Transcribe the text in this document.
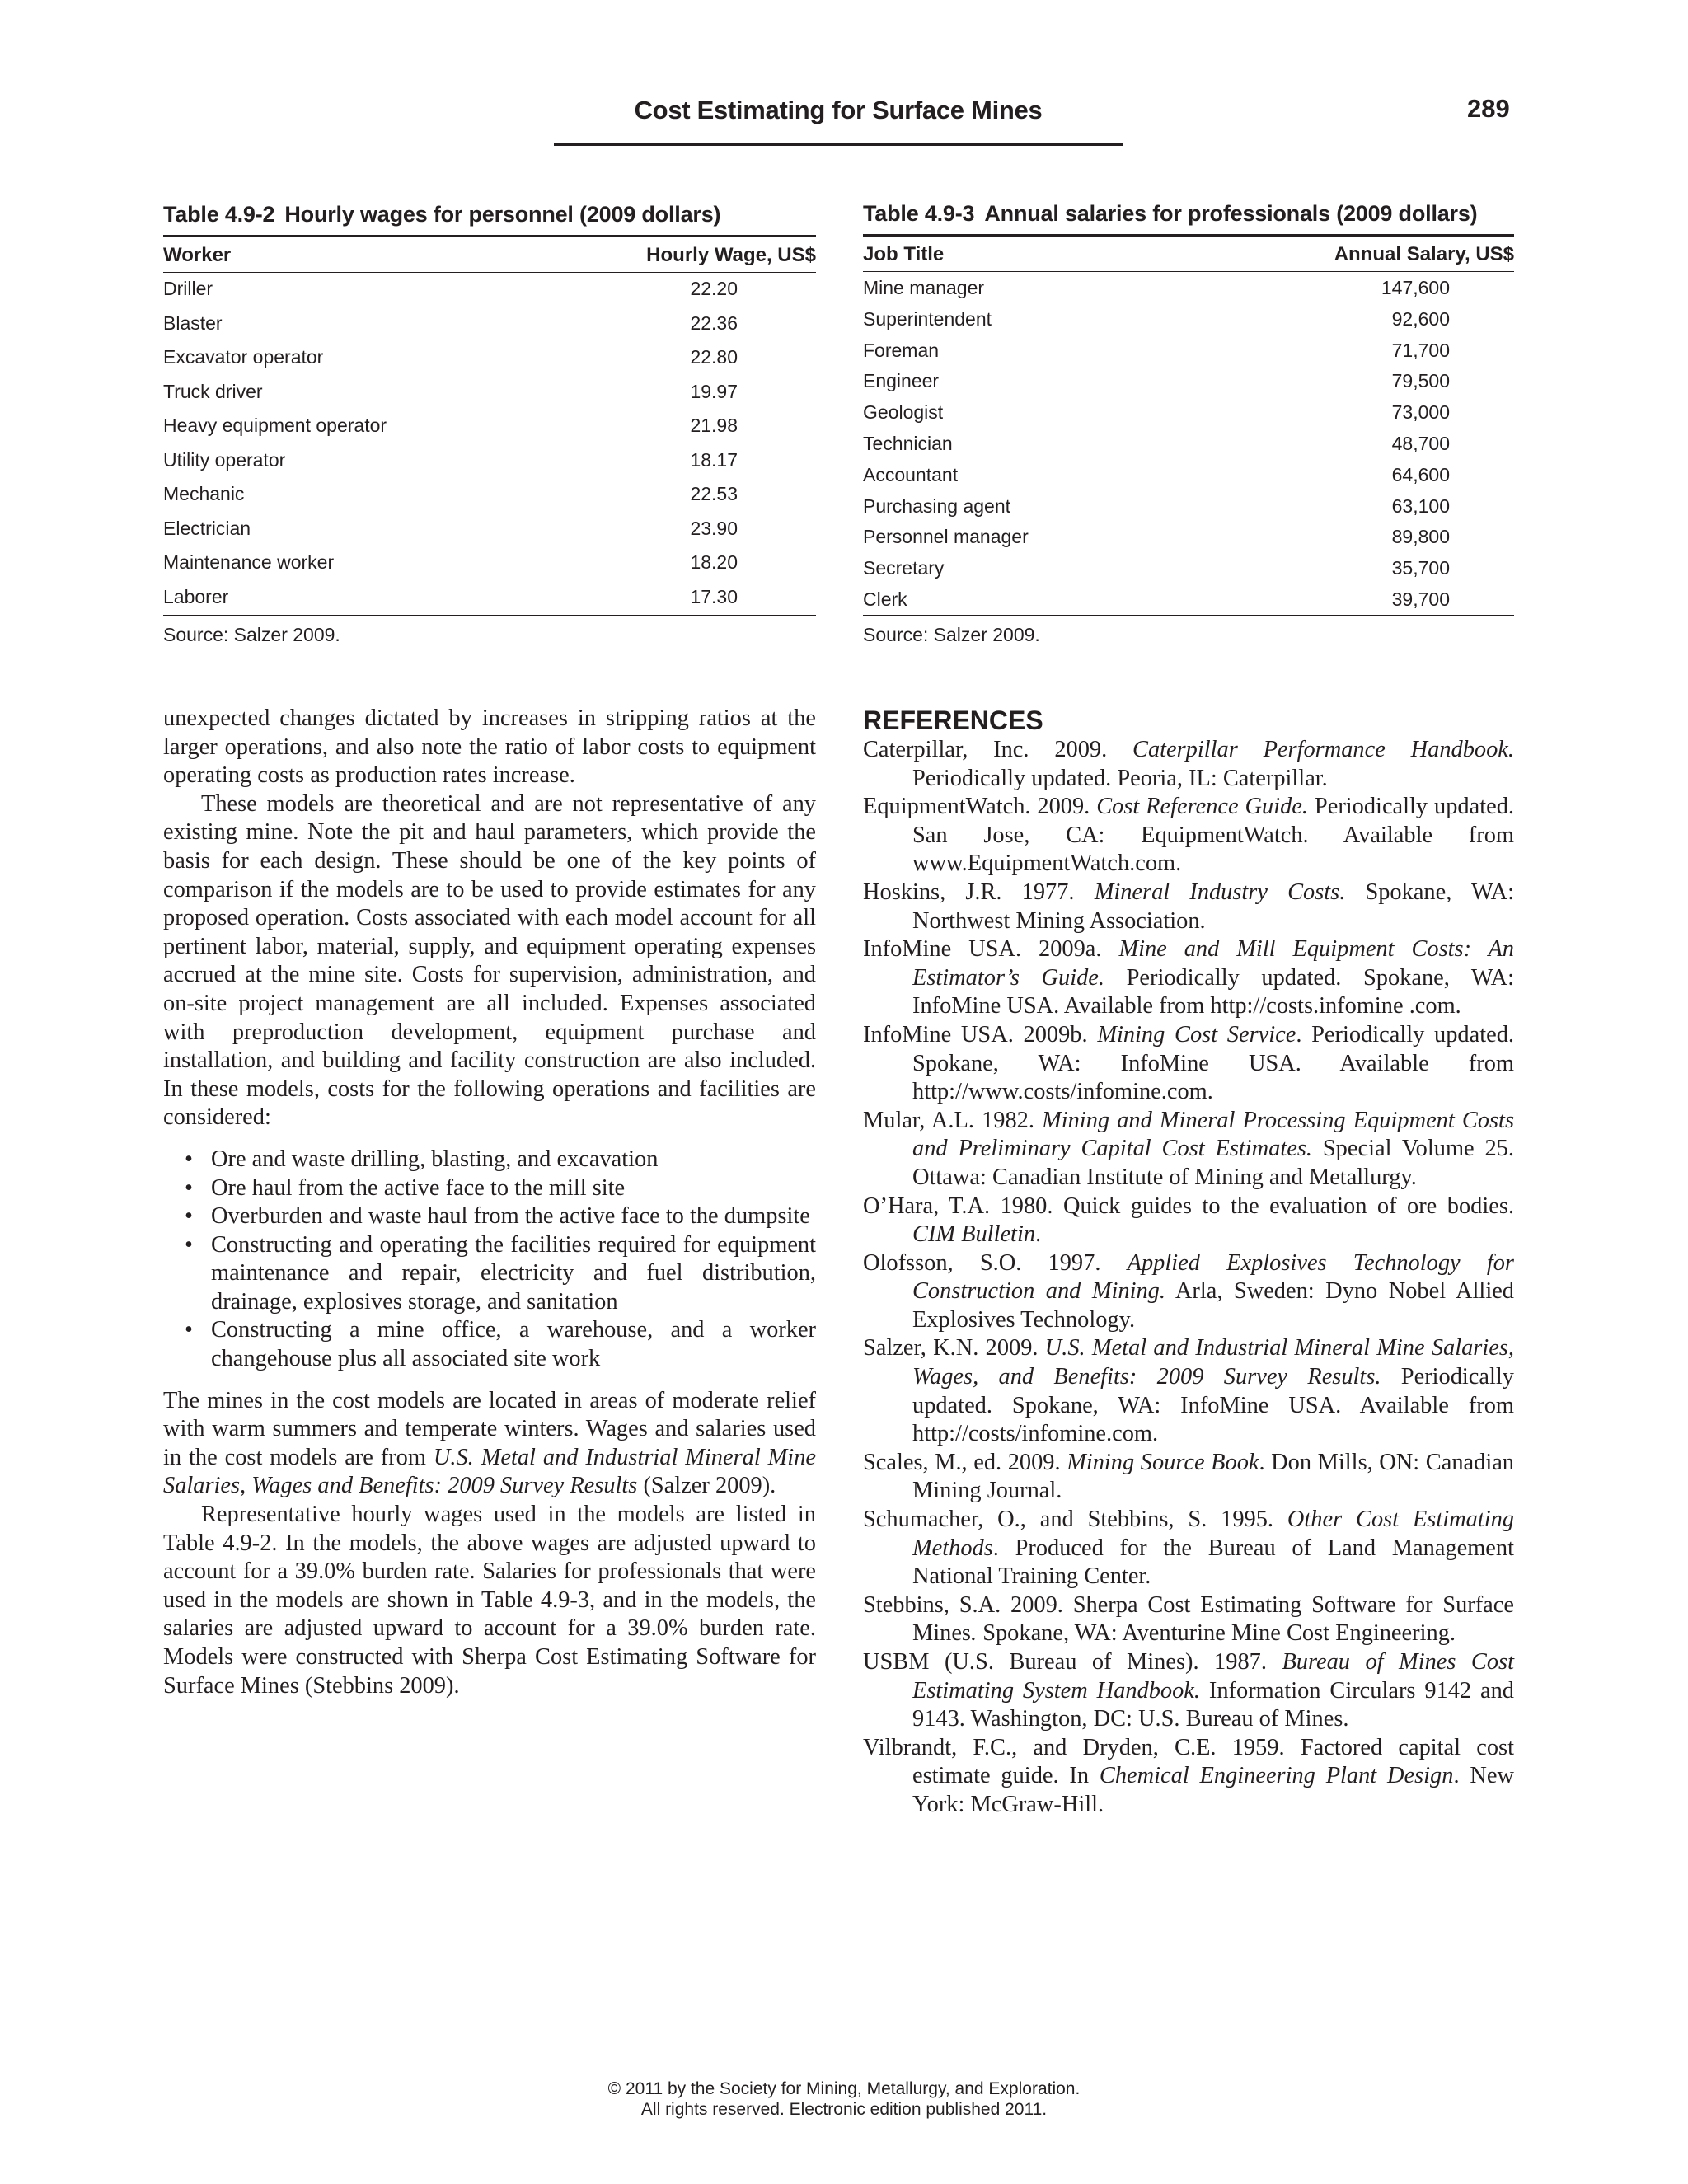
Cost Estimating for Surface Mines	289
Table 4.9-2 Hourly wages for personnel (2009 dollars)
Worker	Hourly Wage, US$
Driller	22.20
Blaster	22.36
Excavator operator	22.80
Truck driver	19.97
Heavy equipment operator	21.98
Utility operator	18.17
Mechanic	22.53
Electrician	23.90
Maintenance worker	18.20
Laborer	17.30
Source: Salzer 2009.
Table 4.9-3 Annual salaries for professionals (2009 dollars)
Job Title	Annual Salary, US$
Mine manager	147,600
Superintendent	92,600
Foreman	71,700
Engineer	79,500
Geologist	73,000
Technician	48,700
Accountant	64,600
Purchasing agent	63,100
Personnel manager	89,800
Secretary	35,700
Clerk	39,700
Source: Salzer 2009.

unexpected changes dictated by increases in stripping ratios at the larger operations, and also note the ratio of labor costs to equipment operating costs as production rates increase.

These models are theoretical and are not representative of any existing mine. Note the pit and haul parameters, which provide the basis for each design. These should be one of the key points of comparison if the models are to be used to provide estimates for any proposed operation. Costs associated with each model account for all pertinent labor, material, supply, and equipment operating expenses accrued at the mine site. Costs for supervision, administration, and on-site project management are all included. Expenses associated with preproduction development, equipment purchase and installation, and building and facility construction are also included. In these models, costs for the following operations and facilities are considered:

• Ore and waste drilling, blasting, and excavation
• Ore haul from the active face to the mill site
• Overburden and waste haul from the active face to the dumpsite
• Constructing and operating the facilities required for equipment maintenance and repair, electricity and fuel distribution, drainage, explosives storage, and sanitation
• Constructing a mine office, a warehouse, and a worker changehouse plus all associated site work

The mines in the cost models are located in areas of moderate relief with warm summers and temperate winters. Wages and salaries used in the cost models are from U.S. Metal and Industrial Mineral Mine Salaries, Wages and Benefits: 2009 Survey Results (Salzer 2009).

Representative hourly wages used in the models are listed in Table 4.9-2. In the models, the above wages are adjusted upward to account for a 39.0% burden rate. Salaries for professionals that were used in the models are shown in Table 4.9-3, and in the models, the salaries are adjusted upward to account for a 39.0% burden rate. Models were constructed with Sherpa Cost Estimating Software for Surface Mines (Stebbins 2009).

REFERENCES

Caterpillar, Inc. 2009. Caterpillar Performance Handbook. Periodically updated. Peoria, IL: Caterpillar.

EquipmentWatch. 2009. Cost Reference Guide. Periodically updated. San Jose, CA: EquipmentWatch. Available from www.EquipmentWatch.com.

Hoskins, J.R. 1977. Mineral Industry Costs. Spokane, WA: Northwest Mining Association.

InfoMine USA. 2009a. Mine and Mill Equipment Costs: An Estimator’s Guide. Periodically updated. Spokane, WA: InfoMine USA. Available from http://costs.infomine .com.

InfoMine USA. 2009b. Mining Cost Service. Periodically updated. Spokane, WA: InfoMine USA. Available from http://www.costs/infomine.com.

Mular, A.L. 1982. Mining and Mineral Processing Equipment Costs and Preliminary Capital Cost Estimates. Special Volume 25. Ottawa: Canadian Institute of Mining and Metallurgy.

O’Hara, T.A. 1980. Quick guides to the evaluation of ore bodies. CIM Bulletin.

Olofsson, S.O. 1997. Applied Explosives Technology for Construction and Mining. Arla, Sweden: Dyno Nobel Allied Explosives Technology.

Salzer, K.N. 2009. U.S. Metal and Industrial Mineral Mine Salaries, Wages, and Benefits: 2009 Survey Results. Periodically updated. Spokane, WA: InfoMine USA. Available from http://costs/infomine.com.

Scales, M., ed. 2009. Mining Source Book. Don Mills, ON: Canadian Mining Journal.

Schumacher, O., and Stebbins, S. 1995. Other Cost Estimating Methods. Produced for the Bureau of Land Management National Training Center.

Stebbins, S.A. 2009. Sherpa Cost Estimating Software for Surface Mines. Spokane, WA: Aventurine Mine Cost Engineering.

USBM (U.S. Bureau of Mines). 1987. Bureau of Mines Cost Estimating System Handbook. Information Circulars 9142 and 9143. Washington, DC: U.S. Bureau of Mines.

Vilbrandt, F.C., and Dryden, C.E. 1959. Factored capital cost estimate guide. In Chemical Engineering Plant Design. New York: McGraw-Hill.

© 2011 by the Society for Mining, Metallurgy, and Exploration.
All rights reserved. Electronic edition published 2011.
